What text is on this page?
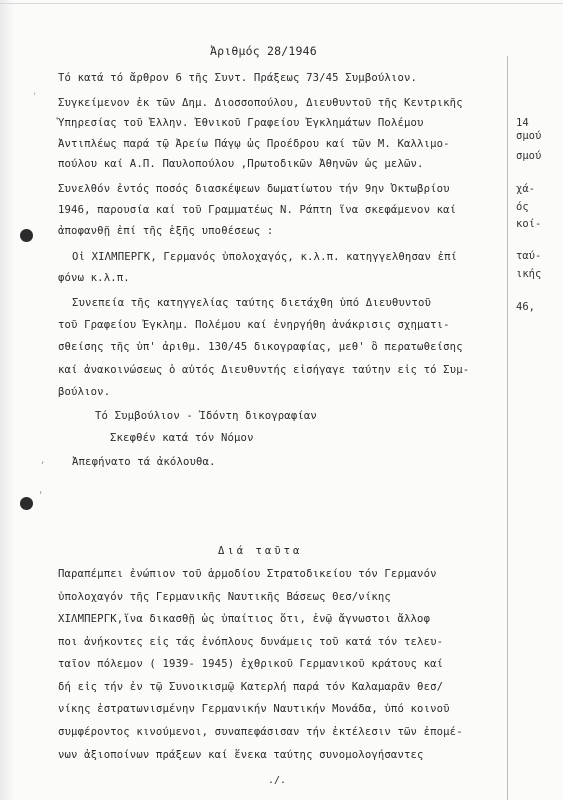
'
,
,
Ἀριθμός 28/1946
Τό κατά τό ἄρθρον 6 τῆς Συντ. Πράξεως 73/45 Συμβούλιον.
Συγκείμενον ἐκ τῶν Δημ. Διοσσοπούλου, Διευθυντοῦ τῆς Κεντρικῆς
Ὑπηρεσίας τοῦ Ἑλλην. Ἐθνικοῦ Γραφείου Ἐγκλημάτων Πολέμου
Ἀντιπλέως παρά τῷ Ἀρείω Πάγῳ ὡς Προέδρου καί τῶν Μ. Καλλιμο-
πούλου καί Α.Π. Παυλοπούλου ,Πρωτοδικῶν Ἀθηνῶν ὡς μελῶν.
Συνελθόν ἐντός ποσός διασκέψεων δωματίωτου τήν 9ην Ὀκτωβρίου
1946, παρουσία καί τοῦ Γραμματέως Ν. Ράπτη ἵνα σκεφάμενον καί
ἀποφανθῇ ἐπί τῆς ἑξῆς υποθέσεως :
Οἱ ΧΙΛΜΠΕΡΓΚ, Γερμανός ὑπολοχαγός, κ.λ.π. κατηγγελθησαν ἐπί
φόνω κ.λ.π.
Συνεπεία τῆς κατηγγελίας ταύτης διετάχθη ὑπό Διευθυντοῦ
τοῦ Γραφείου Ἐγκλημ. Πολέμου καί ἐνηργήθη ἀνάκρισις σχηματι-
σθείσης τῆς ὑπ' ἀριθμ. 130/45 δικογραφίας, μεθ' ὃ περατωθείσης
καί ἀνακοινώσεως ὁ αὐτός Διευθυντής εἰσήγαγε ταύτην εἰς τό Συμ-
βούλιον.
Τό Συμβούλιον - Ἰδόντη δικογραφίαν
Σκεφθέν κατά τόν Νόμον
Ἀπεφήνατο τά ἀκόλουθα.
Διά ταῦτα
Παραπέμπει ἐνώπιον τοῦ ἁρμοδίου Στρατοδικείου τόν Γερμανόν
ὑπολοχαγόν τῆς Γερμανικῆς Ναυτικῆς Βάσεως Θεσ/νίκης
ΧΙΛΜΠΕΡΓΚ,ἵνα δικασθῇ ὡς ὑπαίτιος ὅτι, ἐνῷ ἄγνωστοι ἄλλοφ
ποι ἀνήκοντες εἰς τάς ἐνόπλους δυνάμεις τοῦ κατά τόν τελευ-
ταῖον πόλεμον ( 1939- 1945) ἐχθρικοῦ Γερμανικοῦ κράτους καί
δή εἰς τήν ἐν τῷ Συνοικισμῷ Κατερλή παρά τόν Καλαμαρᾶν θεσ/
νίκης ἐστρατωνισμένην Γερμανικήν Ναυτικήν Μονάδα, ὑπό κοινοῦ
συμφέροντος κινούμενοι, συναπεφάσισαν τήν ἐκτέλεσιν τῶν ἐπομέ-
νων ἀξιοποίνων πράξεων καί ἕνεκα ταύτης συνομολογήσαντες
./.
14
σμού
σμού
χά-
ός
κοί-
ταύ-
ικής
46,
